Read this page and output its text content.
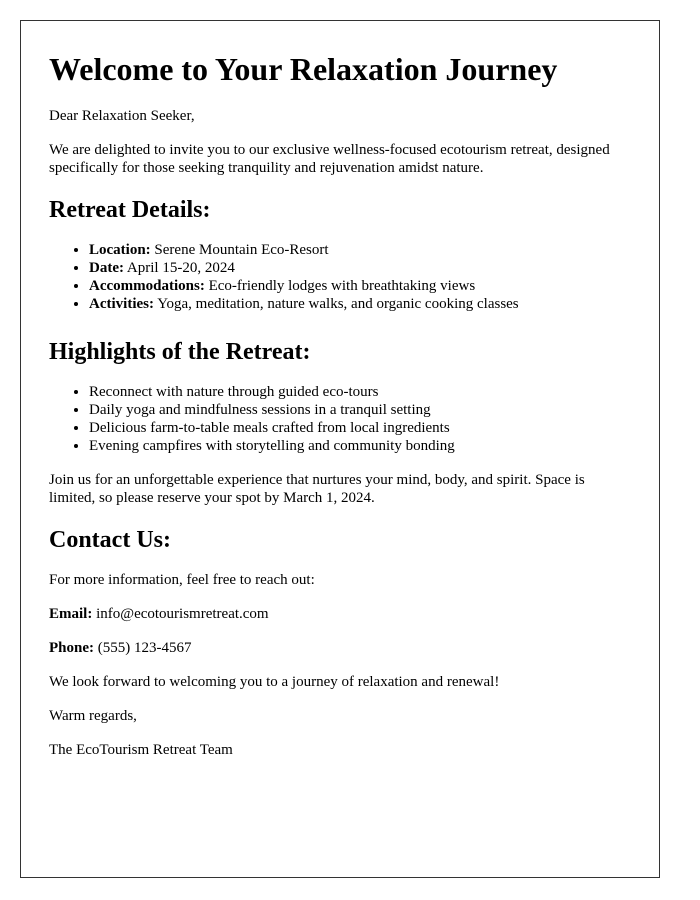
Welcome to Your Relaxation Journey

Dear Relaxation Seeker,

We are delighted to invite you to our exclusive wellness-focused ecotourism retreat, designed specifically for those seeking tranquility and rejuvenation amidst nature.

Retreat Details:
• Location: Serene Mountain Eco-Resort
• Date: April 15-20, 2024
• Accommodations: Eco-friendly lodges with breathtaking views
• Activities: Yoga, meditation, nature walks, and organic cooking classes
Highlights of the Retreat:
• Reconnect with nature through guided eco-tours
• Daily yoga and mindfulness sessions in a tranquil setting
• Delicious farm-to-table meals crafted from local ingredients
• Evening campfires with storytelling and community bonding

Join us for an unforgettable experience that nurtures your mind, body, and spirit. Space is limited, so please reserve your spot by March 1, 2024.

Contact Us:

For more information, feel free to reach out:

Email: info@ecotourismretreat.com

Phone: (555) 123-4567

We look forward to welcoming you to a journey of relaxation and renewal!

Warm regards,

The EcoTourism Retreat Team
